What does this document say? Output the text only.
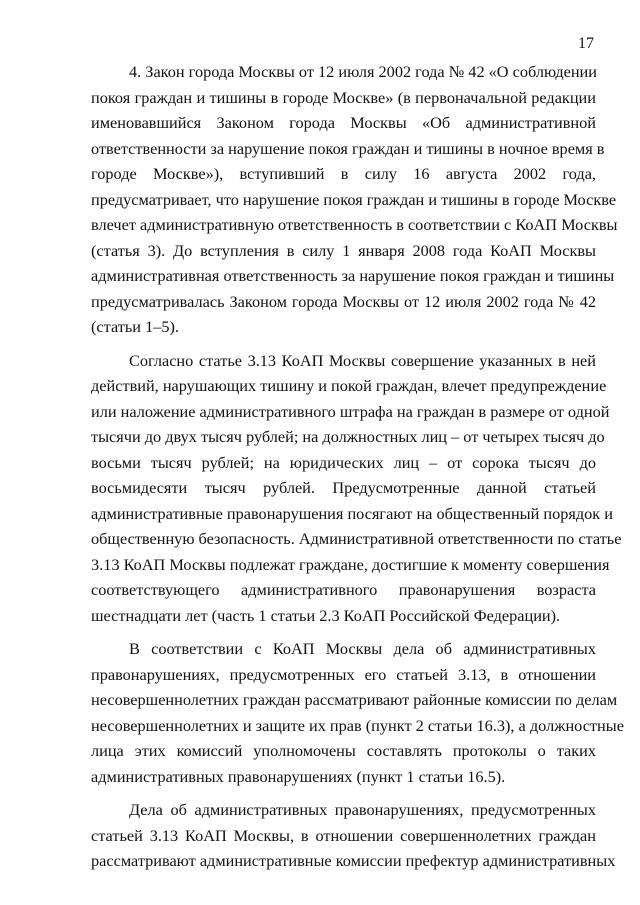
17
4. Закон города Москвы от 12 июля 2002 года № 42 «О соблюдении
покоя граждан и тишины в городе Москве» (в первоначальной редакции
именовавшийся Законом города Москвы «Об административной
ответственности за нарушение покоя граждан и тишины в ночное время в
городе Москве»), вступивший в силу 16 августа 2002 года,
предусматривает, что нарушение покоя граждан и тишины в городе Москве
влечет административную ответственность в соответствии с КоАП Москвы
(статья 3). До вступления в силу 1 января 2008 года КоАП Москвы
административная ответственность за нарушение покоя граждан и тишины
предусматривалась Законом города Москвы от 12 июля 2002 года № 42
(статьи 1–5).
Согласно статье 3.13 КоАП Москвы совершение указанных в ней
действий, нарушающих тишину и покой граждан, влечет предупреждение
или наложение административного штрафа на граждан в размере от одной
тысячи до двух тысяч рублей; на должностных лиц – от четырех тысяч до
восьми тысяч рублей; на юридических лиц – от сорока тысяч до
восьмидесяти тысяч рублей. Предусмотренные данной статьей
административные правонарушения посягают на общественный порядок и
общественную безопасность. Административной ответственности по статье
3.13 КоАП Москвы подлежат граждане, достигшие к моменту совершения
соответствующего административного правонарушения возраста
шестнадцати лет (часть 1 статьи 2.3 КоАП Российской Федерации).
В соответствии с КоАП Москвы дела об административных
правонарушениях, предусмотренных его статьей 3.13, в отношении
несовершеннолетних граждан рассматривают районные комиссии по делам
несовершеннолетних и защите их прав (пункт 2 статьи 16.3), а должностные
лица этих комиссий уполномочены составлять протоколы о таких
административных правонарушениях (пункт 1 статьи 16.5).
Дела об административных правонарушениях, предусмотренных
статьей 3.13 КоАП Москвы, в отношении совершеннолетних граждан
рассматривают административные комиссии префектур административных
